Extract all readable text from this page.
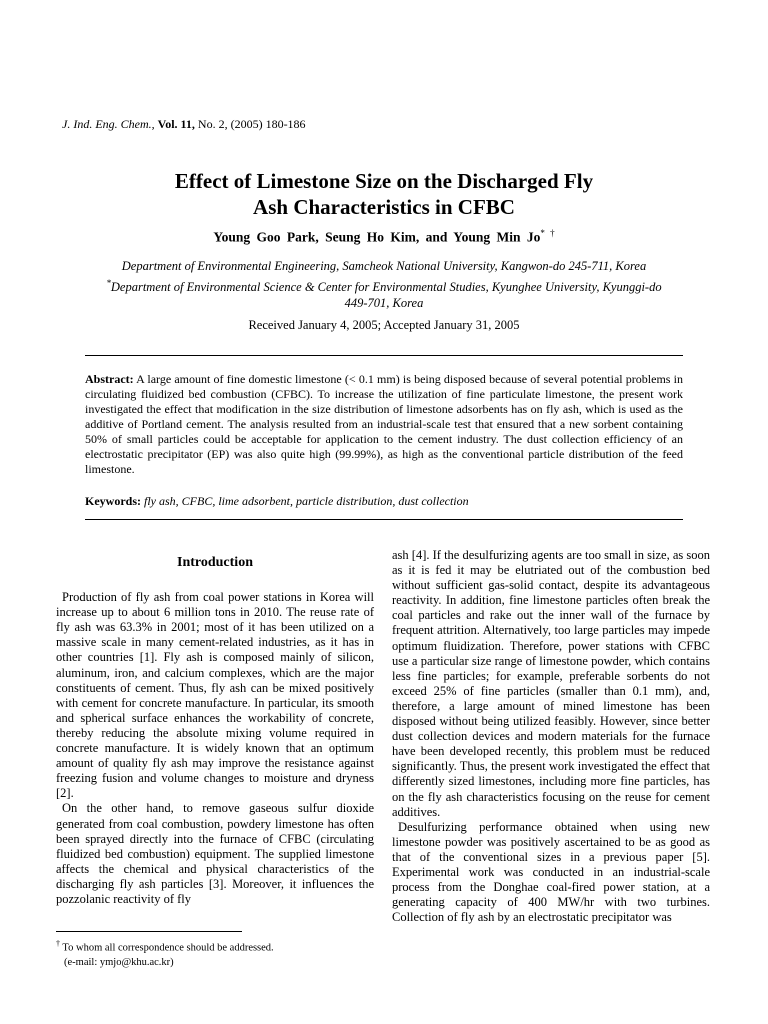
J. Ind. Eng. Chem., Vol. 11, No. 2, (2005) 180-186
Effect of Limestone Size on the Discharged Fly
Ash Characteristics in CFBC
Young Goo Park, Seung Ho Kim, and Young Min Jo* †
Department of Environmental Engineering, Samcheok National University, Kangwon-do 245-711, Korea
*Department of Environmental Science & Center for Environmental Studies, Kyunghee University, Kyunggi-do
449-701, Korea
Received January 4, 2005; Accepted January 31, 2005
Abstract: A large amount of fine domestic limestone (< 0.1 mm) is being disposed because of several potential problems in circulating fluidized bed combustion (CFBC). To increase the utilization of fine particulate limestone, the present work investigated the effect that modification in the size distribution of limestone adsorbents has on fly ash, which is used as the additive of Portland cement. The analysis resulted from an industrial-scale test that ensured that a new sorbent containing 50% of small particles could be acceptable for application to the cement industry. The dust collection efficiency of an electrostatic precipitator (EP) was also quite high (99.99%), as high as the conventional particle distribution of the feed limestone.
Keywords: fly ash, CFBC, lime adsorbent, particle distribution, dust collection
Introduction

Production of fly ash from coal power stations in Korea will increase up to about 6 million tons in 2010. The reuse rate of fly ash was 63.3% in 2001; most of it has been utilized on a massive scale in many cement-related industries, as it has in other countries [1]. Fly ash is composed mainly of silicon, aluminum, iron, and calcium complexes, which are the major constituents of cement. Thus, fly ash can be mixed positively with cement for concrete manufacture. In particular, its smooth and spherical surface enhances the workability of concrete, thereby reducing the absolute mixing volume required in concrete manufacture. It is widely known that an optimum amount of quality fly ash may improve the resistance against freezing fusion and volume changes to moisture and dryness [2].

On the other hand, to remove gaseous sulfur dioxide generated from coal combustion, powdery limestone has often been sprayed directly into the furnace of CFBC (circulating fluidized bed combustion) equipment. The supplied limestone affects the chemical and physical characteristics of the discharging fly ash particles [3]. Moreover, it influences the pozzolanic reactivity of fly

ash [4]. If the desulfurizing agents are too small in size, as soon as it is fed it may be elutriated out of the combustion bed without sufficient gas-solid contact, despite its advantageous reactivity. In addition, fine limestone particles often break the coal particles and rake out the inner wall of the furnace by frequent attrition. Alternatively, too large particles may impede optimum fluidization. Therefore, power stations with CFBC use a particular size range of limestone powder, which contains less fine particles; for example, preferable sorbents do not exceed 25% of fine particles (smaller than 0.1 mm), and, therefore, a large amount of mined limestone has been disposed without being utilized feasibly. However, since better dust collection devices and modern materials for the furnace have been developed recently, this problem must be reduced significantly. Thus, the present work investigated the effect that differently sized limestones, including more fine particles, has on the fly ash characteristics focusing on the reuse for cement additives.

Desulfurizing performance obtained when using new limestone powder was positively ascertained to be as good as that of the conventional sizes in a previous paper [5]. Experimental work was conducted in an industrial-scale process from the Donghae coal-fired power station, at a generating capacity of 400 MW/hr with two turbines. Collection of fly ash by an electrostatic precipitator was

† To whom all correspondence should be addressed.
(e-mail: ymjo@khu.ac.kr)
